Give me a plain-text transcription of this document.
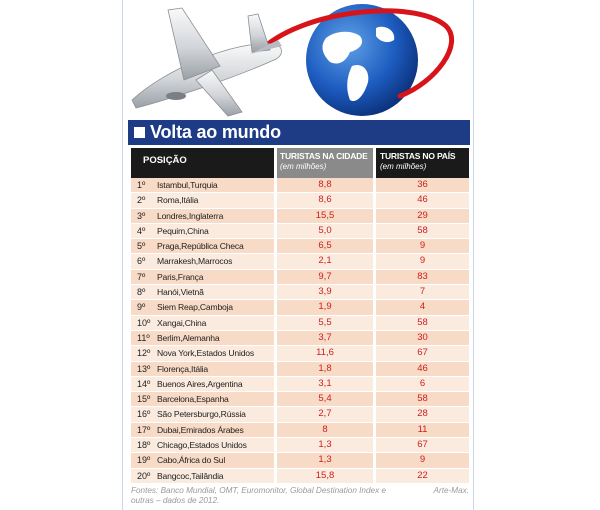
Volta ao mundo
POSIÇÃO	TURISTAS NA CIDADE
(em milhões)
TURISTAS NO PAÍS
(em milhões)
1º Istambul,Turquia	8,8	36
2º Roma,Itália	8,6	46
3º Londres,Inglaterra	15,5	29
4º Pequim,China	5,0	58
5º Praga,República Checa	6,5	9
6º Marrakesh,Marrocos	2,1	9
7º Paris,França	9,7	83
8º Hanói,Vietnã	3,9	7
9º Siem Reap,Camboja	1,9	4
10º Xangai,China	5,5	58
11º Berlim,Alemanha	3,7	30
12º Nova York,Estados Unidos	11,6	67
13º Florença,Itália	1,8	46
14º Buenos Aires,Argentina	3,1	6
15º Barcelona,Espanha	5,4	58
16º São Petersburgo,Rússia	2,7	28
17º Dubai,Emirados Árabes	8	11
18º Chicago,Estados Unidos	1,3	67
19º Cabo,África do Sul	1,3	9
20º Bangcoc,Tailândia	15,8	22
Fontes: Banco Mundial, OMT, Euromonitor, Global Destination Index e outras – dados de 2012.
Arte-Max.
